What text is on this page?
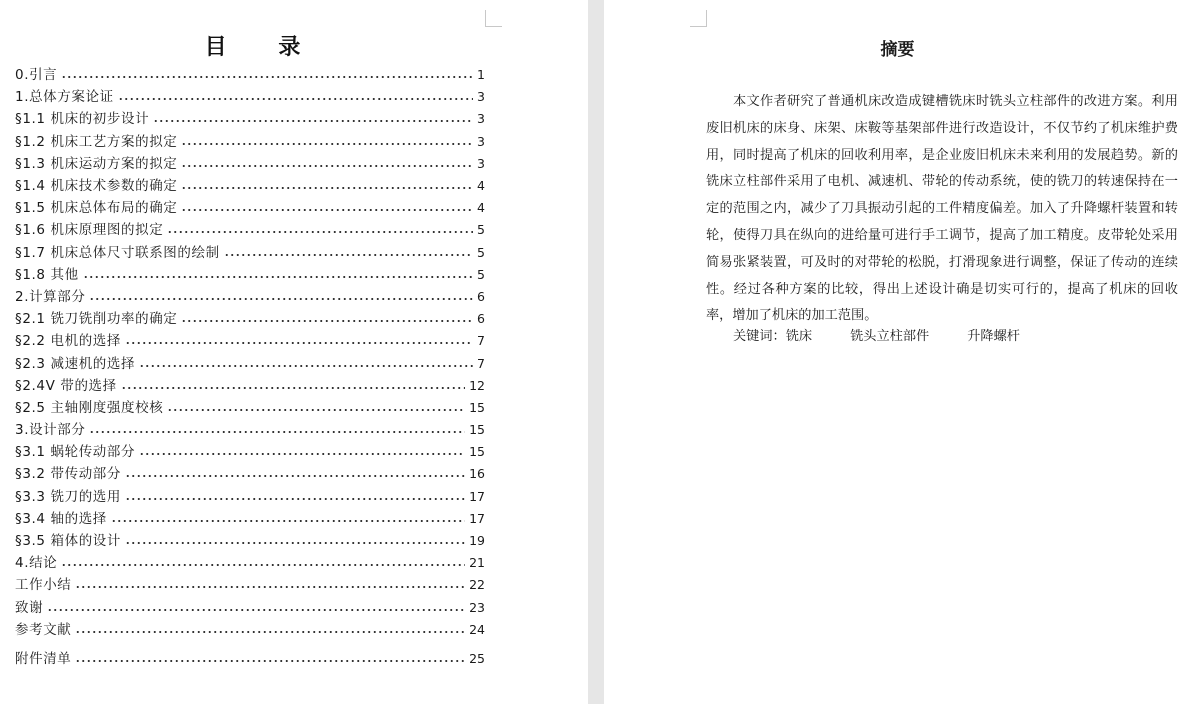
目 录
0.引言	1
1.总体方案论证	3
§1.1 机床的初步设计	3
§1.2 机床工艺方案的拟定	3
§1.3 机床运动方案的拟定	3
§1.4 机床技术参数的确定	4
§1.5 机床总体布局的确定	4
§1.6 机床原理图的拟定	5
§1.7 机床总体尺寸联系图的绘制	5
§1.8 其他	5
2.计算部分	6
§2.1 铣刀铣削功率的确定	6
§2.2 电机的选择	7
§2.3 减速机的选择	7
§2.4V 带的选择	12
§2.5 主轴刚度强度校核	15
3.设计部分	15
§3.1 蜗轮传动部分	15
§3.2 带传动部分	16
§3.3 铣刀的选用	17
§3.4 轴的选择	17
§3.5 箱体的设计	19
4.结论	21
工作小结	22
致谢	23
参考文献	24
附件清单	25
摘要

本文作者研究了普通机床改造成键槽铣床时铣头立柱部件的改进方案。利用废旧机床的床身、床架、床鞍等基架部件进行改造设计，不仅节约了机床维护费用，同时提高了机床的回收利用率，是企业废旧机床未来利用的发展趋势。新的铣床立柱部件采用了电机、减速机、带轮的传动系统，使的铣刀的转速保持在一定的范围之内，减少了刀具振动引起的工件精度偏差。加入了升降螺杆装置和转轮，使得刀具在纵向的进给量可进行手工调节，提高了加工精度。皮带轮处采用简易张紧装置，可及时的对带轮的松脱，打滑现象进行调整，保证了传动的连续性。经过各种方案的比较，得出上述设计确是切实可行的，提高了机床的回收率，增加了机床的加工范围。

关键词：铣床	铣头立柱部件	升降螺杆
